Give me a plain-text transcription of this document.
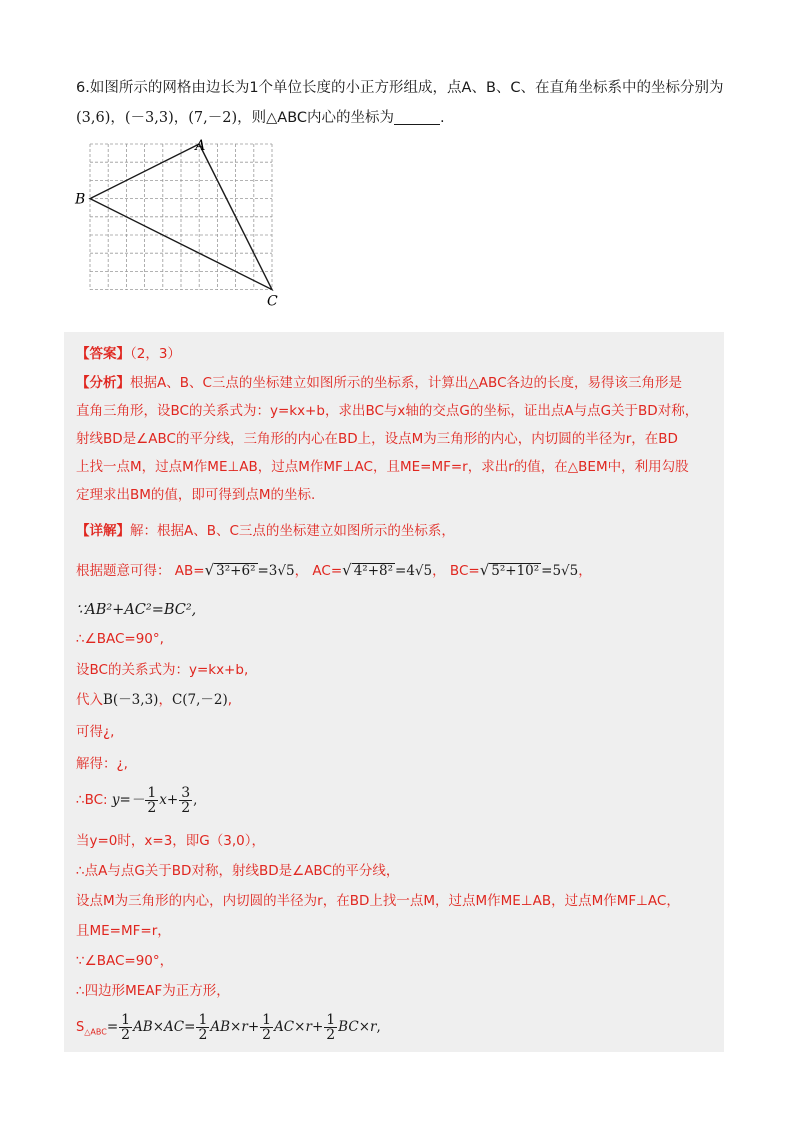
6.如图所示的网格由边长为1个单位长度的小正方形组成，点A、B、C、在直角坐标系中的坐标分别为
(3,6)，(－3,3)，(7,－2)，则△ABC内心的坐标为	.
A
B
C
【答案】（2，3）
【分析】根据A、B、C三点的坐标建立如图所示的坐标系，计算出△ABC各边的长度，易得该三角形是
直角三角形，设BC的关系式为：y=kx+b，求出BC与x轴的交点G的坐标，证出点A与点G关于BD对称，
射线BD是∠ABC的平分线，三角形的内心在BD上，设点M为三角形的内心，内切圆的半径为r，在BD
上找一点M，过点M作ME⊥AB，过点M作MF⊥AC，且ME=MF=r，求出r的值，在△BEM中，利用勾股
定理求出BM的值，即可得到点M的坐标.
【详解】解：根据A、B、C三点的坐标建立如图所示的坐标系，
根据题意可得： AB=√ 3²+6² =3√5， AC=√ 4²+8² =4√5， BC=√ 5²+10² =5√5，
∵AB²+AC²=BC²,
∴∠BAC=90°,
设BC的关系式为：y=kx+b,
代入B(－3,3)，C(7,－2),
可得¿,
解得：¿,
∴BC: $y=- \frac{1}{2} x+ \frac{3}{2}$ ,
当y=0时，x=3，即G（3,0），
∴点A与点G关于BD对称，射线BD是∠ABC的平分线，
设点M为三角形的内心，内切圆的半径为r，在BD上找一点M，过点M作ME⊥AB，过点M作MF⊥AC，
且ME=MF=r，
∵∠BAC=90°，
∴四边形MEAF为正方形，
$S_{\triangle ABC}= \frac{1}{2} AB\times AC= \frac{1}{2} AB\times r+ \frac{1}{2} AC\times r+ \frac{1}{2} BC\times r$,
